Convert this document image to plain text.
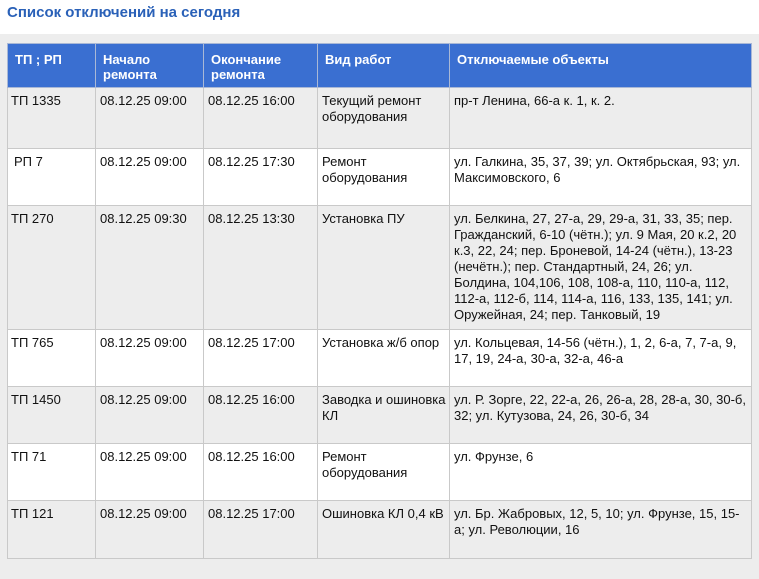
Список отключений на сегодня
ТП ; РП	Начало ремонта	Окончание ремонта	Вид работ	Отключаемые объекты
ТП 1335	08.12.25 09:00	08.12.25 16:00	Текущий ремонт оборудования	пр-т Ленина, 66-а к. 1, к. 2.
РП 7	08.12.25 09:00	08.12.25 17:30	Ремонт оборудования	ул. Галкина, 35, 37, 39; ул. Октябрьская, 93; ул. Максимовского, 6
ТП 270	08.12.25 09:30	08.12.25 13:30	Установка ПУ	ул. Белкина, 27, 27-а, 29, 29-а, 31, 33, 35; пер. Гражданский, 6-10 (чётн.); ул. 9 Мая, 20 к.2, 20 к.3, 22, 24; пер. Броневой, 14-24 (чётн.), 13-23 (нечётн.); пер. Стандартный, 24, 26; ул. Болдина, 104,106, 108, 108-а, 110, 110-а, 112, 112-а, 112-б, 114, 114-а, 116, 133, 135, 141; ул. Оружейная, 24; пер. Танковый, 19
ТП 765	08.12.25 09:00	08.12.25 17:00	Установка ж/б опор	ул. Кольцевая, 14-56 (чётн.), 1, 2, 6-а, 7, 7-а, 9, 17, 19, 24-а, 30-а, 32-а, 46-а
ТП 1450	08.12.25 09:00	08.12.25 16:00	Заводка и ошиновка КЛ	ул. Р. Зорге, 22, 22-а, 26, 26-а, 28, 28-а, 30, 30-б, 32; ул. Кутузова, 24, 26, 30-б, 34
ТП 71	08.12.25 09:00	08.12.25 16:00	Ремонт оборудования	ул. Фрунзе, 6
ТП 121	08.12.25 09:00	08.12.25 17:00	Ошиновка КЛ 0,4 кВ	ул. Бр. Жабровых, 12, 5, 10; ул. Фрунзе, 15, 15-а; ул. Революции, 16
